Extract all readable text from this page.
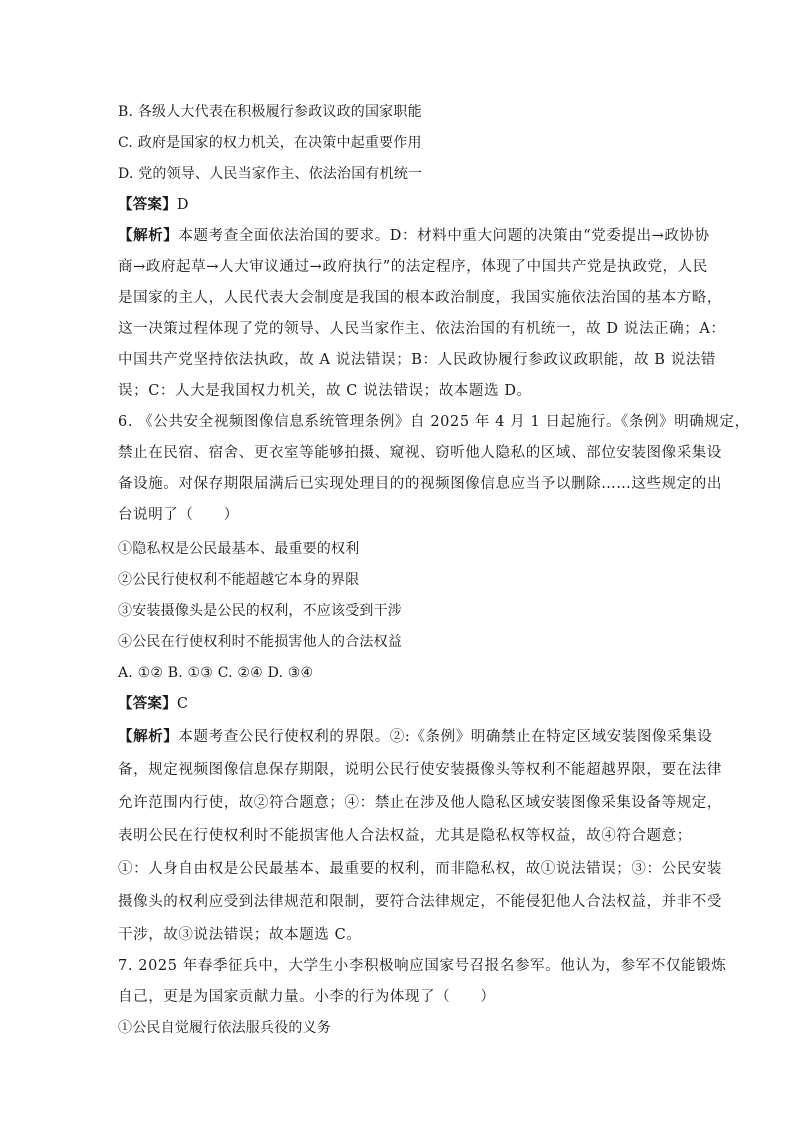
B. 各级人大代表在积极履行参政议政的国家职能
C. 政府是国家的权力机关，在决策中起重要作用
D. 党的领导、人民当家作主、依法治国有机统一
【答案】D
【解析】本题考查全面依法治国的要求。D：材料中重大问题的决策由“党委提出→政协协
商→政府起草→人大审议通过→政府执行”的法定程序，体现了中国共产党是执政党，人民
是国家的主人，人民代表大会制度是我国的根本政治制度，我国实施依法治国的基本方略，
这一决策过程体现了党的领导、人民当家作主、依法治国的有机统一，故 D 说法正确；A：
中国共产党坚持依法执政，故 A 说法错误；B：人民政协履行参政议政职能，故 B 说法错
误；C：人大是我国权力机关，故 C 说法错误；故本题选 D。
6. 《公共安全视频图像信息系统管理条例》自 2025 年 4 月 1 日起施行。《条例》明确规定，
禁止在民宿、宿舍、更衣室等能够拍摄、窥视、窃听他人隐私的区域、部位安装图像采集设
备设施。对保存期限届满后已实现处理目的的视频图像信息应当予以删除……这些规定的出
台说明了（　　）
①隐私权是公民最基本、最重要的权利
②公民行使权利不能超越它本身的界限
③安装摄像头是公民的权利，不应该受到干涉
④公民在行使权利时不能损害他人的合法权益
A. ①② B. ①③ C. ②④ D. ③④
【答案】C
【解析】本题考查公民行使权利的界限。②:《条例》明确禁止在特定区域安装图像采集设
备，规定视频图像信息保存期限，说明公民行使安装摄像头等权利不能超越界限，要在法律
允许范围内行使，故②符合题意；④：禁止在涉及他人隐私区域安装图像采集设备等规定，
表明公民在行使权利时不能损害他人合法权益，尤其是隐私权等权益，故④符合题意；
①：人身自由权是公民最基本、最重要的权利，而非隐私权，故①说法错误；③：公民安装
摄像头的权利应受到法律规范和限制，要符合法律规定，不能侵犯他人合法权益，并非不受
干涉，故③说法错误；故本题选 C。
7. 2025 年春季征兵中，大学生小李积极响应国家号召报名参军。他认为，参军不仅能锻炼
自己，更是为国家贡献力量。小李的行为体现了（　　）
①公民自觉履行依法服兵役的义务
